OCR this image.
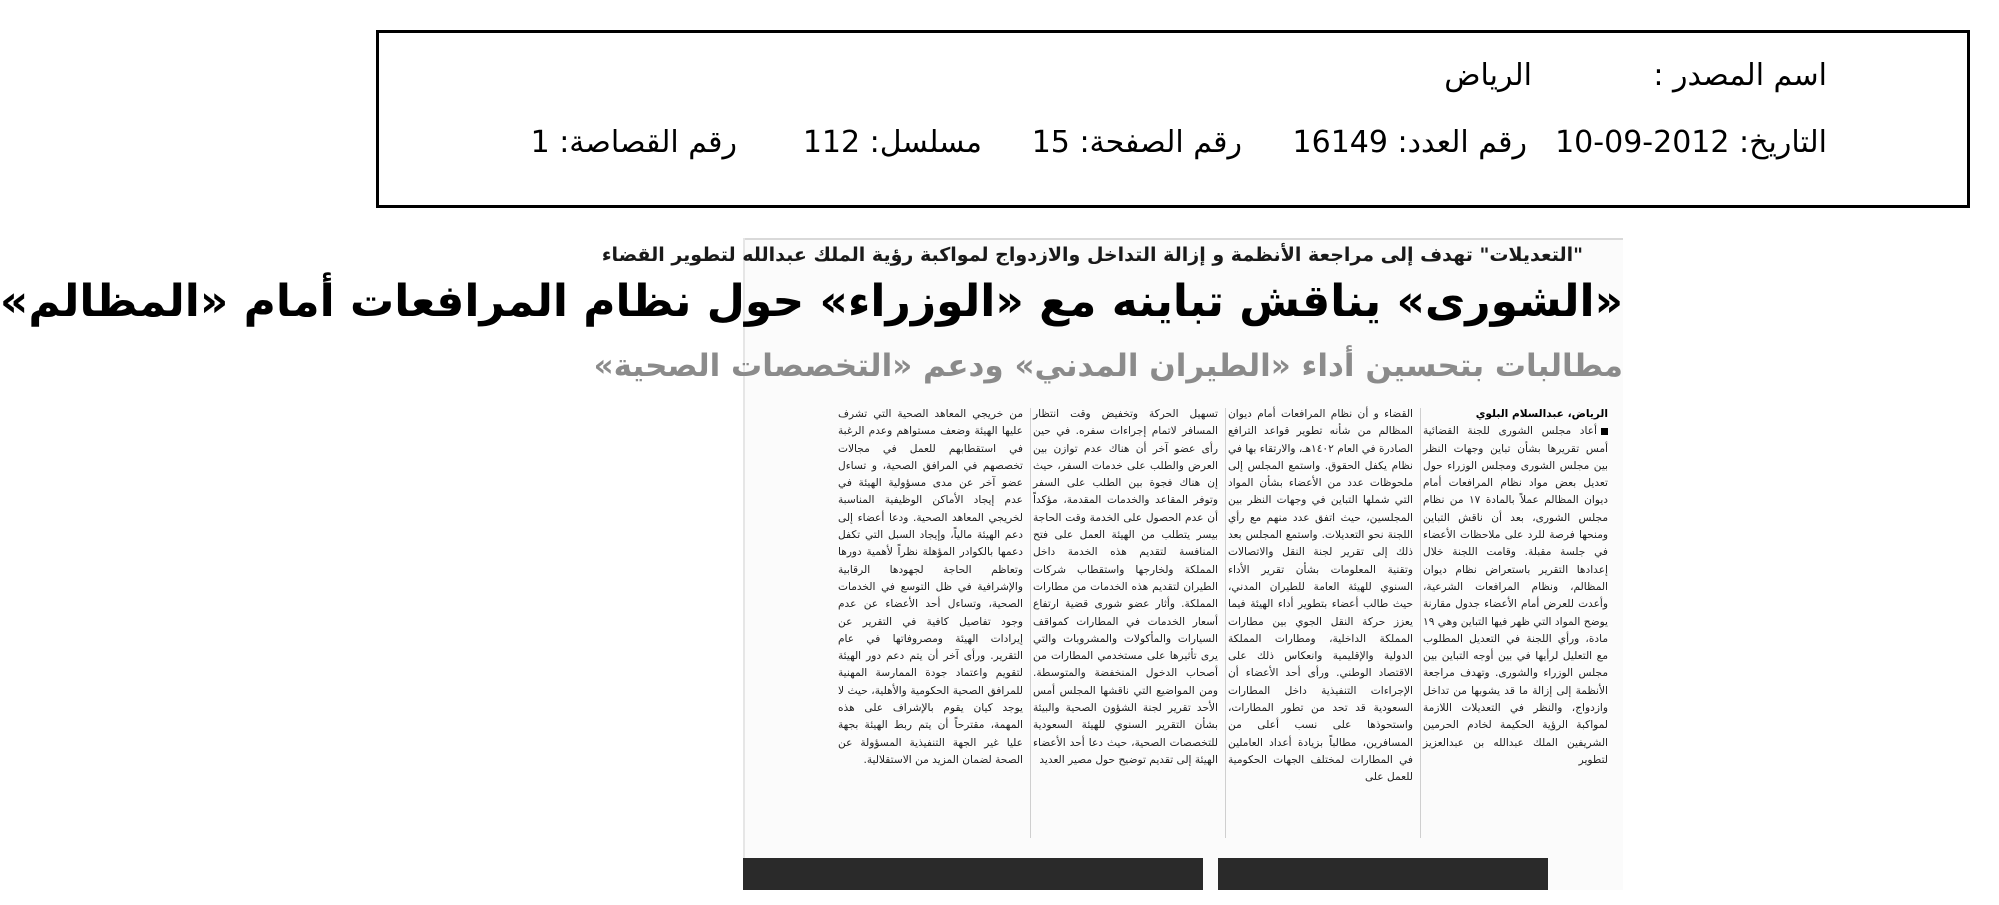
اسم المصدر :
الرياض
التاريخ: 2012-09-10
رقم العدد: 16149
رقم الصفحة: 15
مسلسل: 112
رقم القصاصة: 1
"التعديلات" تهدف إلى مراجعة الأنظمة و إزالة التداخل والازدواج لمواكبة رؤية الملك عبدالله لتطوير القضاء
«الشورى» يناقش تباينه مع «الوزراء» حول نظام المرافعات أمام «المظالم»
مطالبات بتحسين أداء «الطيران المدني» ودعم «التخصصات الصحية»
الرياض، عبدالسلام البلوي

أعاد مجلس الشورى للجنة القضائية أمس تقريرها بشأن تباين وجهات النظر بين مجلس الشورى ومجلس الوزراء حول تعديل بعض مواد نظام المرافعات أمام ديوان المظالم عملاً بالمادة ١٧ من نظام مجلس الشورى، بعد أن ناقش التباين ومنحها فرصة للرد على ملاحظات الأعضاء في جلسة مقبلة. وقامت اللجنة خلال إعدادها التقرير باستعراض نظام ديوان المظالم، ونظام المرافعات الشرعية، وأعدت للعرض أمام الأعضاء جدول مقارنة يوضح المواد التي ظهر فيها التباين وهي ١٩ مادة، ورأي اللجنة في التعديل المطلوب مع التعليل لرأيها في بين أوجه التباين بين مجلس الوزراء والشورى. وتهدف مراجعة الأنظمة إلى إزالة ما قد يشوبها من تداخل وازدواج، والنظر في التعديلات اللازمة لمواكبة الرؤية الحكيمة لخادم الحرمين الشريفين الملك عبدالله بن عبدالعزيز لتطوير

القضاء و أن نظام المرافعات أمام ديوان المظالم من شأنه تطوير قواعد الترافع الصادرة في العام ١٤٠٢هـ، والارتقاء بها في نظام يكفل الحقوق. واستمع المجلس إلى ملحوظات عدد من الأعضاء بشأن المواد التي شملها التباين في وجهات النظر بين المجلسين، حيث اتفق عدد منهم مع رأي اللجنة نحو التعديلات. واستمع المجلس بعد ذلك إلى تقرير لجنة النقل والاتصالات وتقنية المعلومات بشأن تقرير الأداء السنوي للهيئة العامة للطيران المدني، حيث طالب أعضاء بتطوير أداء الهيئة فيما يعزز حركة النقل الجوي بين مطارات المملكة الداخلية، ومطارات المملكة الدولية والإقليمية وانعكاس ذلك على الاقتصاد الوطني. ورأى أحد الأعضاء أن الإجراءات التنفيذية داخل المطارات السعودية قد تحد من تطور المطارات، واستحوذها على نسب أعلى من المسافرين، مطالباً بزيادة أعداد العاملين في المطارات لمختلف الجهات الحكومية للعمل على

تسهيل الحركة وتخفيض وقت انتظار المسافر لاتمام إجراءات سفره. في حين رأى عضو آخر أن هناك عدم توازن بين العرض والطلب على خدمات السفر، حيث إن هناك فجوة بين الطلب على السفر وتوفر المقاعد والخدمات المقدمة، مؤكداً أن عدم الحصول على الخدمة وقت الحاجة بيسر يتطلب من الهيئة العمل على فتح المنافسة لتقديم هذه الخدمة داخل المملكة ولخارجها واستقطاب شركات الطيران لتقديم هذه الخدمات من مطارات المملكة. وأثار عضو شورى قضية ارتفاع أسعار الخدمات في المطارات كمواقف السيارات والمأكولات والمشروبات والتي يرى تأثيرها على مستخدمي المطارات من أصحاب الدخول المنخفضة والمتوسطة. ومن المواضيع التي ناقشها المجلس أمس الأحد تقرير لجنة الشؤون الصحية والبيئة بشأن التقرير السنوي للهيئة السعودية للتخصصات الصحية، حيث دعا أحد الأعضاء الهيئة إلى تقديم توضيح حول مصير العديد

من خريجي المعاهد الصحية التي تشرف عليها الهيئة وضعف مستواهم وعدم الرغبة في استقطابهم للعمل في مجالات تخصصهم في المرافق الصحية، و تساءل عضو آخر عن مدى مسؤولية الهيئة في عدم إيجاد الأماكن الوظيفية المناسبة لخريجي المعاهد الصحية. ودعا أعضاء إلى دعم الهيئة مالياً، وإيجاد السبل التي تكفل دعمها بالكوادر المؤهلة نظراً لأهمية دورها وتعاظم الحاجة لجهودها الرقابية والإشرافية في ظل التوسع في الخدمات الصحية، وتساءل أحد الأعضاء عن عدم وجود تفاصيل كافية في التقرير عن إيرادات الهيئة ومصروفاتها في عام التقرير. ورأى آخر أن يتم دعم دور الهيئة لتقويم واعتماد جودة الممارسة المهنية للمرافق الصحية الحكومية والأهلية، حيث لا يوجد كيان يقوم بالإشراف على هذه المهمة، مقترحاً أن يتم ربط الهيئة بجهة عليا غير الجهة التنفيذية المسؤولة عن الصحة لضمان المزيد من الاستقلالية.
